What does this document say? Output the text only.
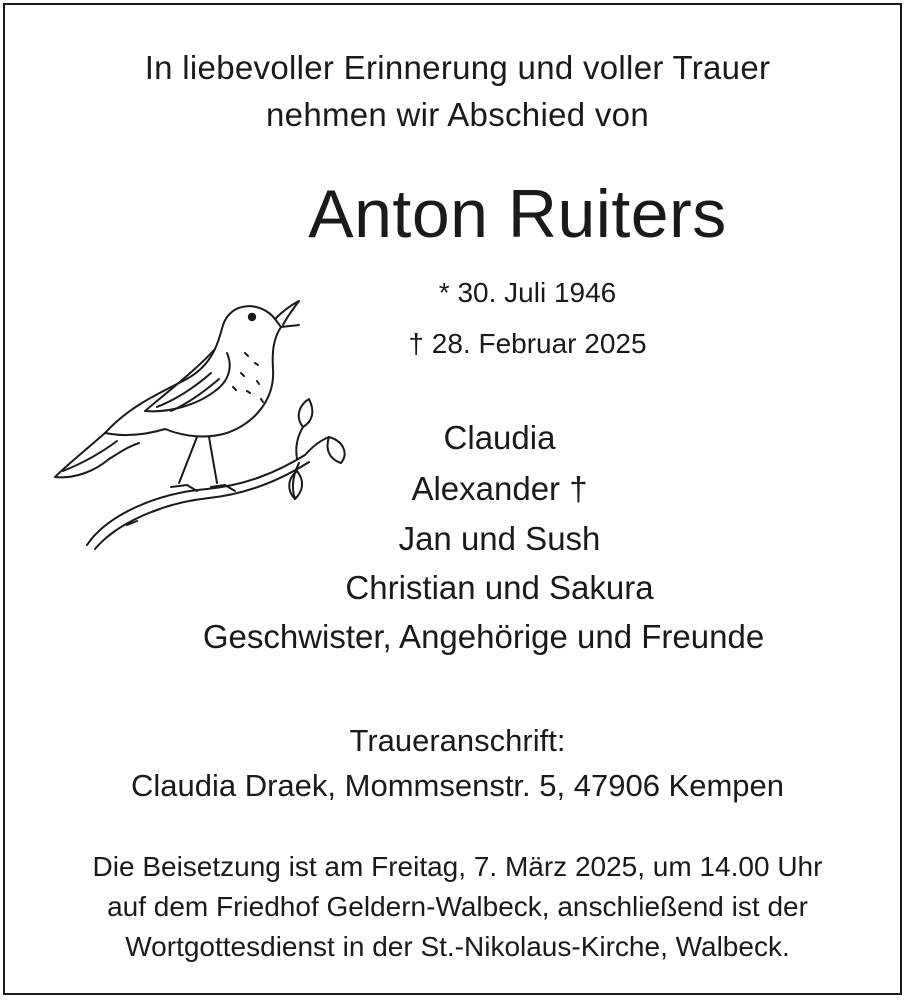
In liebevoller Erinnerung und voller Trauer
nehmen wir Abschied von
Anton Ruiters
* 30. Juli 1946
† 28. Februar 2025
Claudia
Alexander †
Jan und Sush
Christian und Sakura
Geschwister, Angehörige und Freunde
Traueranschrift:
Claudia Draek, Mommsenstr. 5, 47906 Kempen
Die Beisetzung ist am Freitag, 7. März 2025, um 14.00 Uhr
auf dem Friedhof Geldern-Walbeck, anschließend ist der
Wortgottesdienst in der St.-Nikolaus-Kirche, Walbeck.
